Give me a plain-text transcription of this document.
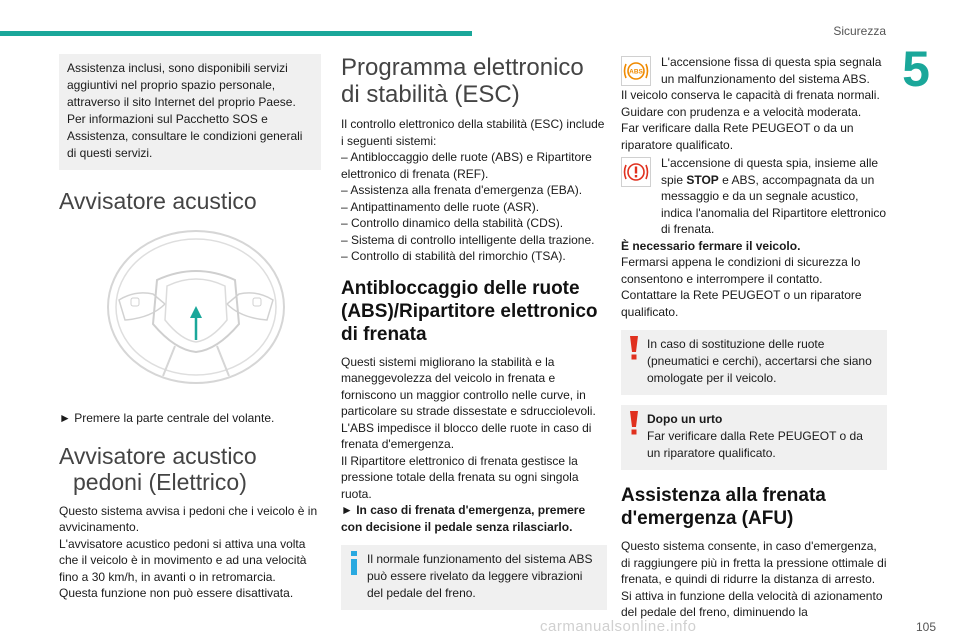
Sicurezza
5
105
carmanualsonline.info
Assistenza inclusi, sono disponibili servizi aggiuntivi nel proprio spazio personale, attraverso il sito Internet del proprio Paese.
Per informazioni sul Pacchetto SOS e Assistenza, consultare le condizioni generali di questi servizi.
Avvisatore acustico

► Premere la parte centrale del volante.

Avvisatore acustico
pedoni (Elettrico)

Questo sistema avvisa i pedoni che i veicolo è in avvicinamento.
L'avvisatore acustico pedoni si attiva una volta che il veicolo è in movimento e ad una velocità fino a 30 km/h, in avanti o in retromarcia.
Questa funzione non può essere disattivata.

Programma elettronico di stabilità (ESC)

Il controllo elettronico della stabilità (ESC) include i seguenti sistemi:

– Antibloccaggio delle ruote (ABS) e Ripartitore elettronico di frenata (REF).

– Assistenza alla frenata d'emergenza (EBA).

– Antipattinamento delle ruote (ASR).

– Controllo dinamico della stabilità (CDS).

– Sistema di controllo intelligente della trazione.

– Controllo di stabilità del rimorchio (TSA).

Antibloccaggio delle ruote (ABS)/Ripartitore elettronico di frenata

Questi sistemi migliorano la stabilità e la maneggevolezza del veicolo in frenata e forniscono un maggior controllo nelle curve, in particolare su strade dissestate e sdrucciolevoli.
L'ABS impedisce il blocco delle ruote in caso di frenata d'emergenza.
Il Ripartitore elettronico di frenata gestisce la pressione totale della frenata su ogni singola ruota.

► In caso di frenata d'emergenza, premere con decisione il pedale senza rilasciarlo.

Il normale funzionamento del sistema ABS può essere rivelato da leggere vibrazioni del pedale del freno.
ABS

L'accensione fissa di questa spia segnala un malfunzionamento del sistema ABS.

Il veicolo conserva le capacità di frenata normali. Guidare con prudenza e a velocità moderata.
Far verificare dalla Rete PEUGEOT o da un riparatore qualificato.

L'accensione di questa spia, insieme alle spie STOP e ABS, accompagnata da un messaggio e da un segnale acustico, indica l'anomalia del Ripartitore elettronico di frenata.

È necessario fermare il veicolo.

Fermarsi appena le condizioni di sicurezza lo consentono e interrompere il contatto.
Contattare la Rete PEUGEOT o un riparatore qualificato.

In caso di sostituzione delle ruote (pneumatici e cerchi), accertarsi che siano omologate per il veicolo.
Dopo un urto
Far verificare dalla Rete PEUGEOT o da un riparatore qualificato.
Assistenza alla frenata d'emergenza (AFU)

Questo sistema consente, in caso d'emergenza, di raggiungere più in fretta la pressione ottimale di frenata, e quindi di ridurre la distanza di arresto.
Si attiva in funzione della velocità di azionamento del pedale del freno, diminuendo la
